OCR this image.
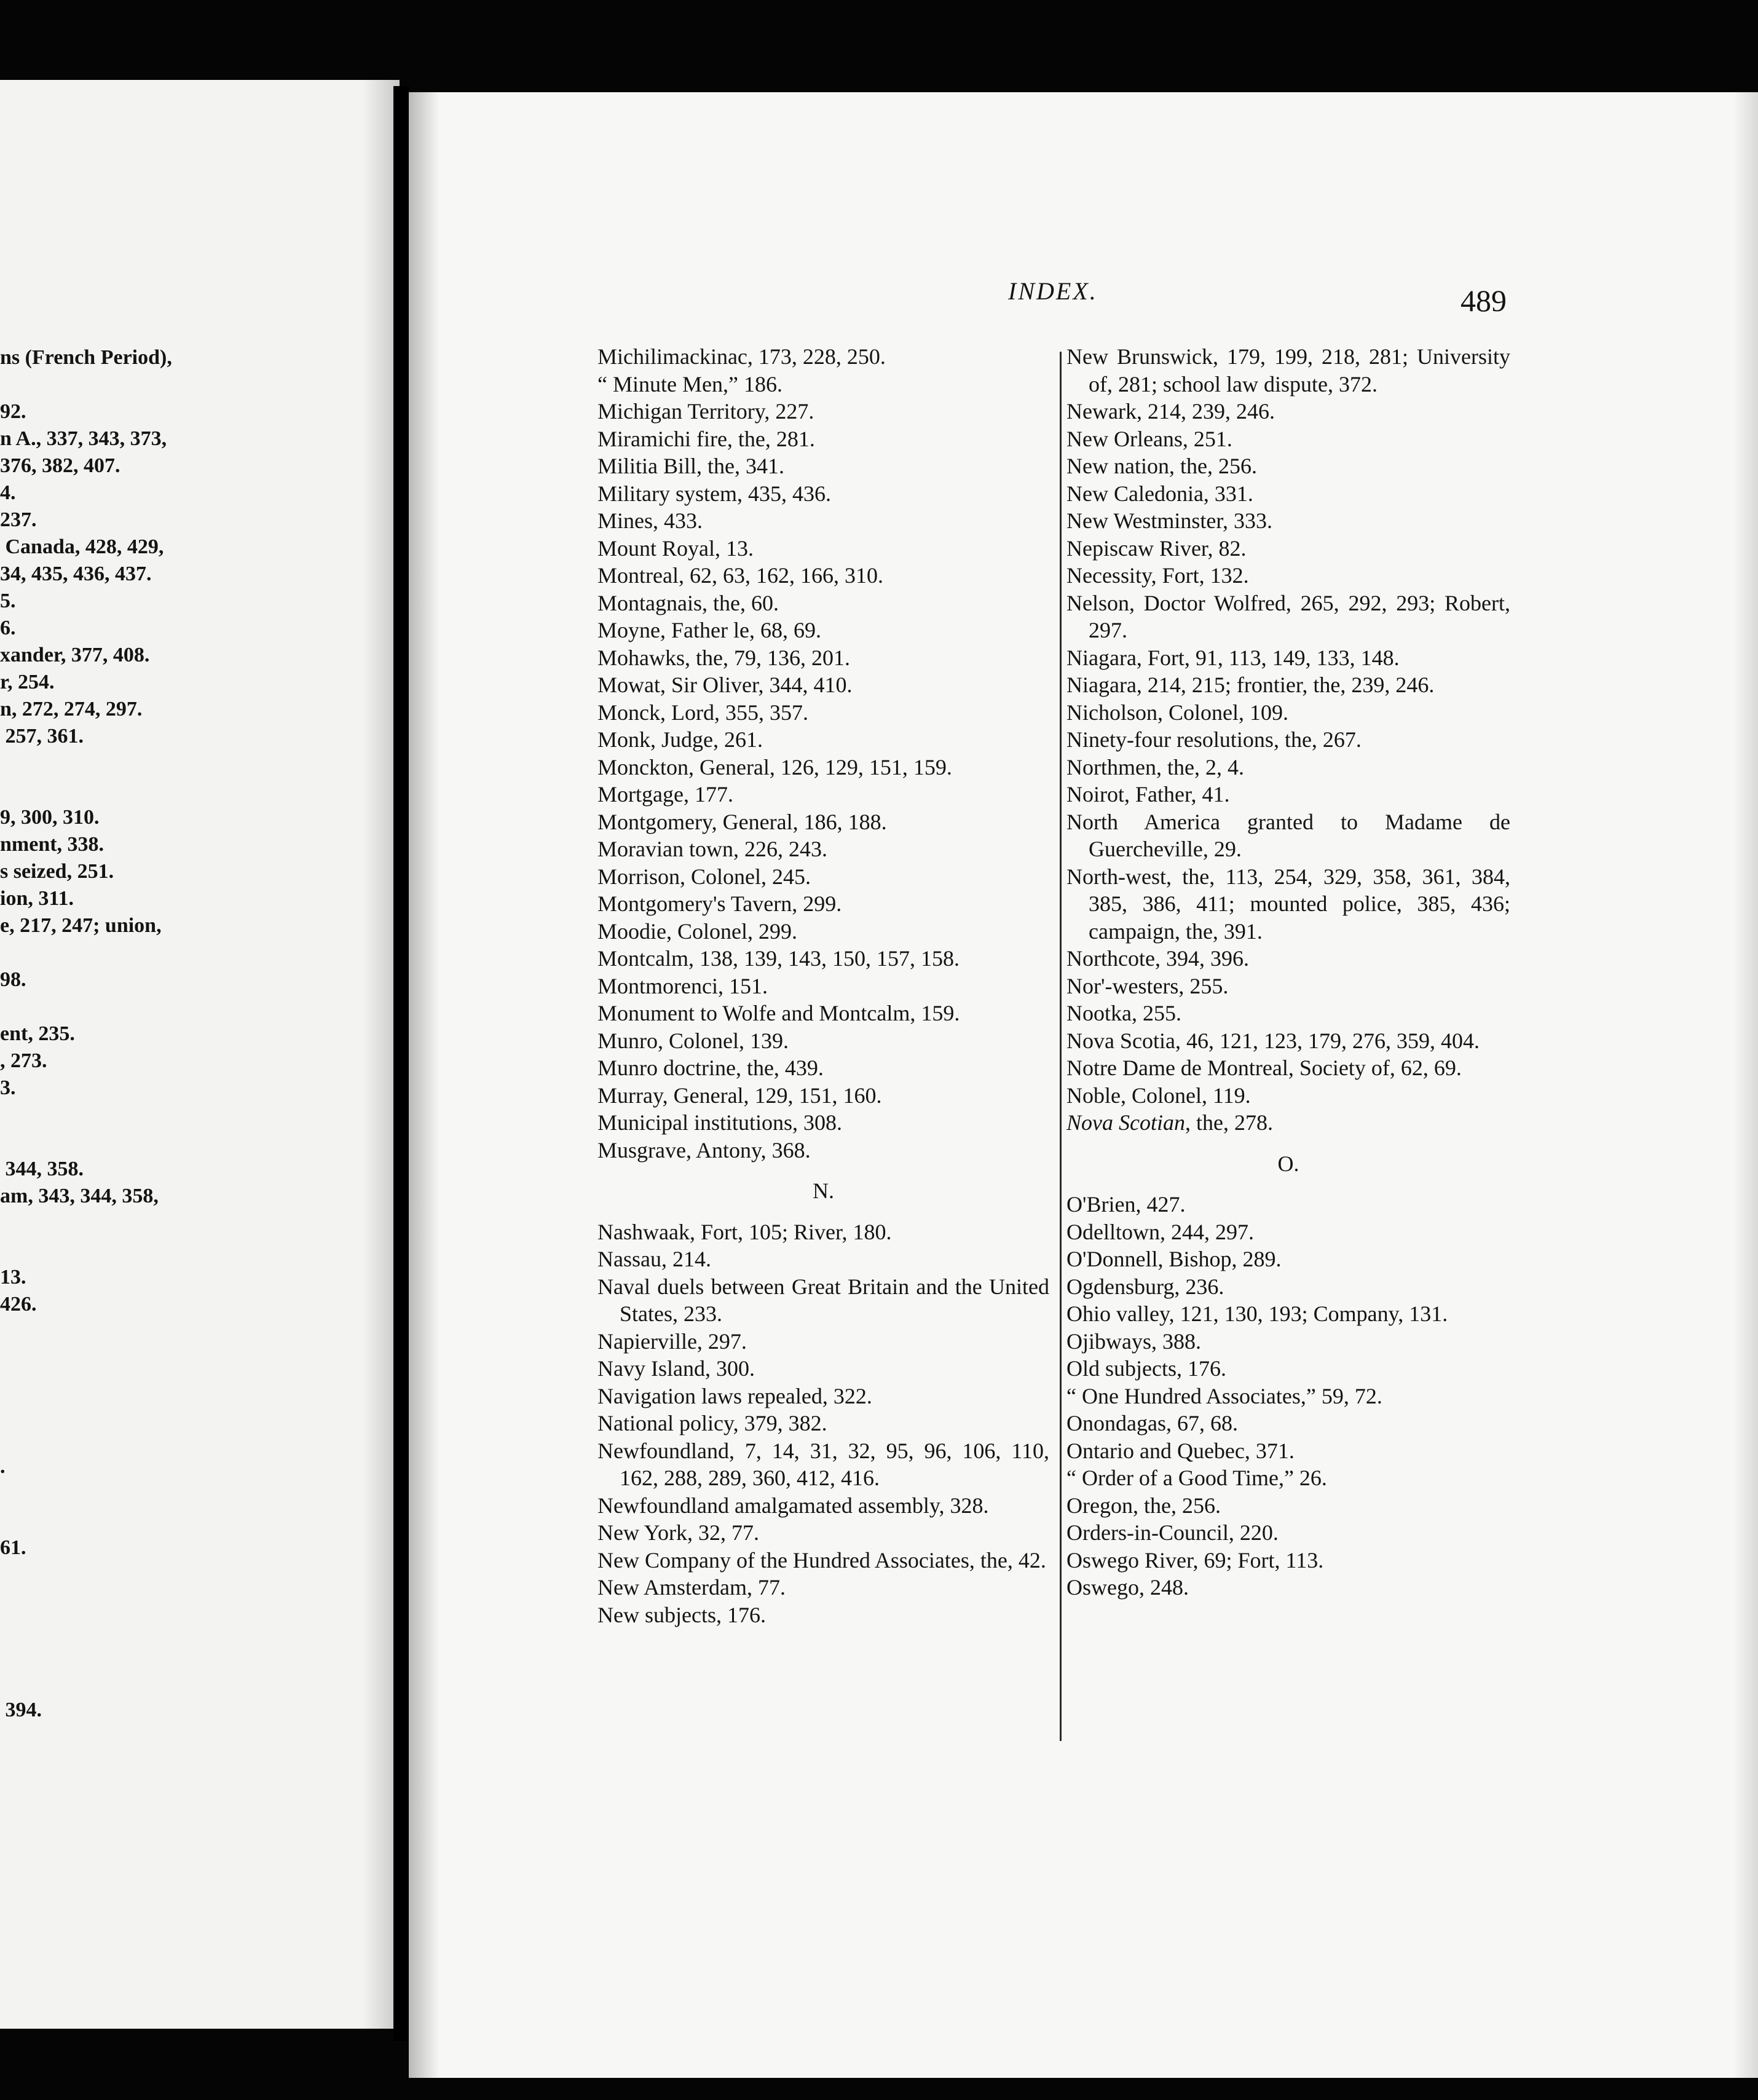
ns (French Period),
92.
n A., 337, 343, 373,
376, 382, 407.
4.
237.
Canada, 428, 429,
34, 435, 436, 437.
5.
6.
xander, 377, 408.
r, 254.
n, 272, 274, 297.
257, 361.
9, 300, 310.
nment, 338.
s seized, 251.
ion, 311.
e, 217, 247; union,
98.
ent, 235.
, 273.
3.
344, 358.
am, 343, 344, 358,
13.
426.
.
61.
394.
INDEX.	489
Michilimackinac, 173, 228, 250.
“ Minute Men,” 186.
Michigan Territory, 227.
Miramichi fire, the, 281.
Militia Bill, the, 341.
Military system, 435, 436.
Mines, 433.
Mount Royal, 13.
Montreal, 62, 63, 162, 166, 310.
Montagnais, the, 60.
Moyne, Father le, 68, 69.
Mohawks, the, 79, 136, 201.
Mowat, Sir Oliver, 344, 410.
Monck, Lord, 355, 357.
Monk, Judge, 261.
Monckton, General, 126, 129, 151, 159.
Mortgage, 177.
Montgomery, General, 186, 188.
Moravian town, 226, 243.
Morrison, Colonel, 245.
Montgomery's Tavern, 299.
Moodie, Colonel, 299.
Montcalm, 138, 139, 143, 150, 157, 158.
Montmorenci, 151.
Monument to Wolfe and Montcalm, 159.
Munro, Colonel, 139.
Munro doctrine, the, 439.
Murray, General, 129, 151, 160.
Municipal institutions, 308.
Musgrave, Antony, 368.
N.
Nashwaak, Fort, 105; River, 180.
Nassau, 214.
Naval duels between Great Britain and the United States, 233.
Napierville, 297.
Navy Island, 300.
Navigation laws repealed, 322.
National policy, 379, 382.
Newfoundland, 7, 14, 31, 32, 95, 96, 106, 110, 162, 288, 289, 360, 412, 416.
Newfoundland amalgamated assembly, 328.
New York, 32, 77.
New Company of the Hundred Associates, the, 42.
New Amsterdam, 77.
New subjects, 176.
New Brunswick, 179, 199, 218, 281; University of, 281; school law dispute, 372.
Newark, 214, 239, 246.
New Orleans, 251.
New nation, the, 256.
New Caledonia, 331.
New Westminster, 333.
Nepiscaw River, 82.
Necessity, Fort, 132.
Nelson, Doctor Wolfred, 265, 292, 293; Robert, 297.
Niagara, Fort, 91, 113, 149, 133, 148.
Niagara, 214, 215; frontier, the, 239, 246.
Nicholson, Colonel, 109.
Ninety-four resolutions, the, 267.
Northmen, the, 2, 4.
Noirot, Father, 41.
North America granted to Madame de Guercheville, 29.
North-west, the, 113, 254, 329, 358, 361, 384, 385, 386, 411; mounted police, 385, 436; campaign, the, 391.
Northcote, 394, 396.
Nor'-westers, 255.
Nootka, 255.
Nova Scotia, 46, 121, 123, 179, 276, 359, 404.
Notre Dame de Montreal, Society of, 62, 69.
Noble, Colonel, 119.
Nova Scotian, the, 278.
O.
O'Brien, 427.
Odelltown, 244, 297.
O'Donnell, Bishop, 289.
Ogdensburg, 236.
Ohio valley, 121, 130, 193; Company, 131.
Ojibways, 388.
Old subjects, 176.
“ One Hundred Associates,” 59, 72.
Onondagas, 67, 68.
Ontario and Quebec, 371.
“ Order of a Good Time,” 26.
Oregon, the, 256.
Orders-in-Council, 220.
Oswego River, 69; Fort, 113.
Oswego, 248.
